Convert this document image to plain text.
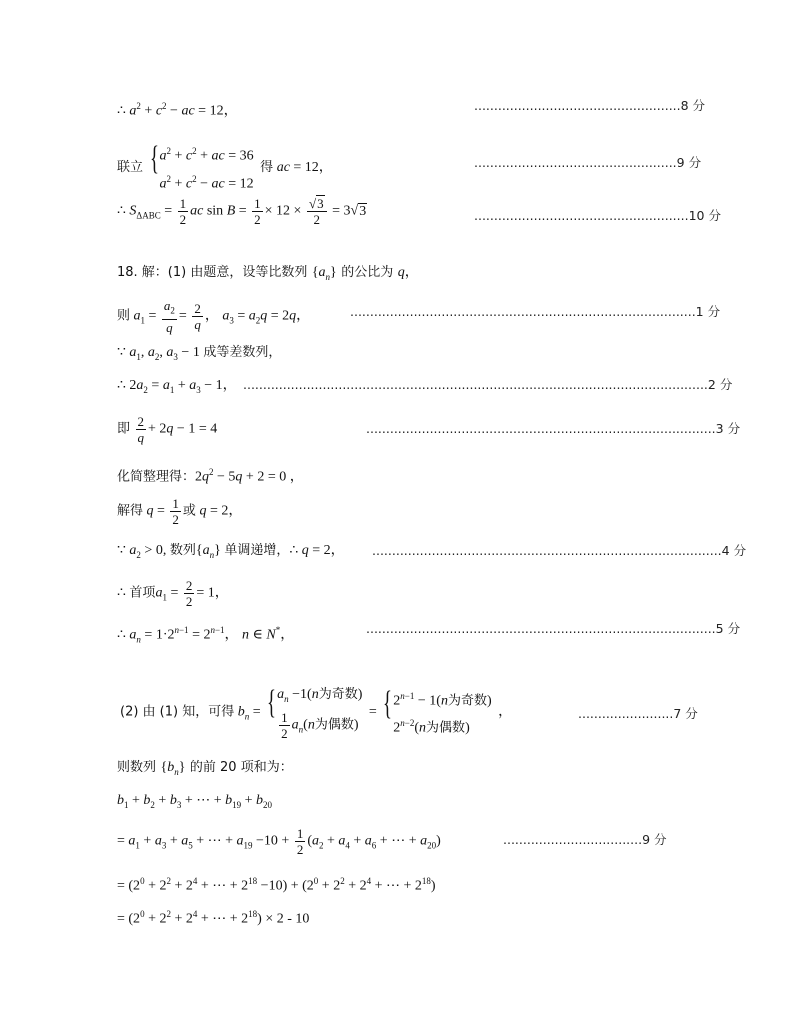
∴ $a^2 + c^2$ − ac = 12，	....................................................8 分
联立 { $a^2 + c^2$ + ac = 36
$a^2 + c^2$ − ac = 12
得 ac = 12，	...................................................9 分
∴ $S_{\Delta ABC} = \frac{1}{2}$ ac $\sin B = \frac{1}{2} \times 12 \times \frac{√3}{2} = 3√3$	......................................................10 分
18. 解：(1) 由题意，设等比数列 $\{a_n\}$ 的公比为 q，
则 $a_1 = \frac{a_2}{q} = \frac{2}{q}$ ， $a_3 = a_2q = 2q$，	.......................................................................................1 分
∵ $a_1$, $a_2$, $a_3 - 1$ 成等差数列，
∴ $2a_2 = a_1 + a_3 - 1$， .....................................................................................................................2 分
即 $\frac{2}{q} + 2q - 1 = 4$	........................................................................................3 分
化简整理得：$2q^2 - 5q + 2 = 0$ ，
解得 $q = \frac{1}{2}$ 或 q = 2，
∵ $a_2 > 0$, 数列$\{a_n\}$ 单调递增，∴ q = 2， ........................................................................................4 分
∴ 首项$a_1 = \frac{2}{2} = 1$，
∴ $a_n = 1\cdot 2^{n-1} = 2^{n-1}$， n ∈ N*，	........................................................................................5 分
(2) 由 (1) 知，可得 $b_n$ = { $a_n -1(n$为奇数)
$\frac{1}{2} a_n(n$为偶数)
= { $2^{n-1} - 1(n$为奇数)
$2^{n-2}(n$为偶数)
，	........................7 分
则数列 $\{b_n\}$ 的前 20 项和为：
$b_1 + b_2 + b_3$ + ⋯ + $b_{19} + b_{20}$
= $a_1 + a_3 + a_5$ + ⋯ + $a_{19} -10 + \frac{1}{2} (a_2 + a_4 + a_6$ + ⋯ + $a_{20}$)	...................................9 分
= ($2^0 + 2^2 + 2^4$ + ⋯ + $2^{18} -10) + (2^0 + 2^2 + 2^4$ + ⋯ + $2^{18}$)
= ($2^0 + 2^2 + 2^4$ + ⋯ + $2^{18}) \times 2 - 10$
